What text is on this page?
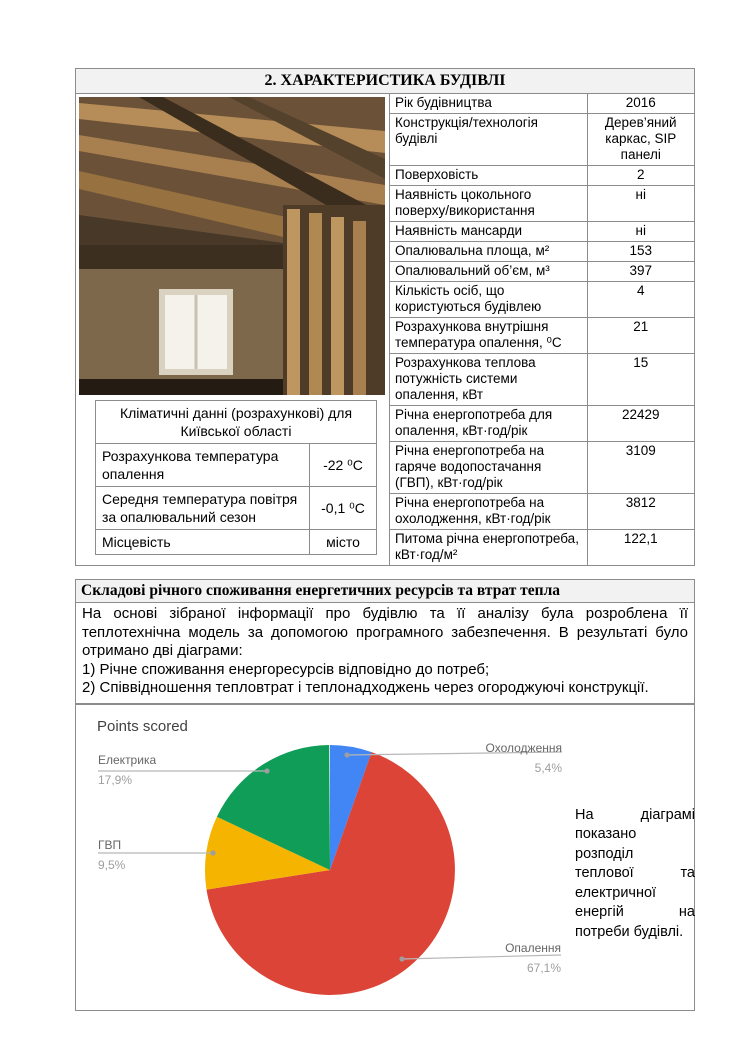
2. ХАРАКТЕРИСТИКА БУДІВЛІ
Кліматичні данні (розрахункові) для Київської області	
Розрахункова температура опалення	-22 ⁰C
Середня температура повітря за опалювальний сезон	-0,1 ⁰C
Місцевість	місто
Рік будівництва	2016
Конструкція/технологія будівлі	Дерев’яний каркас, SIP панелі
Поверховість	2
Наявність цокольного поверху/використання	ні
Наявність мансарди	ні
Опалювальна площа, м²	153
Опалювальний об’єм, м³	397
Кількість осіб, що користуються будівлею	4
Розрахункова внутрішня температура опалення, ⁰С	21
Розрахункова теплова потужність системи опалення, кВт	15
Річна енергопотреба для опалення, кВт·год/рік	22429
Річна енергопотреба на гаряче водопостачання (ГВП), кВт·год/рік	3109
Річна енергопотреба на охолодження, кВт·год/рік	3812
Питома річна енергопотреба, кВт·год/м²	122,1
Складові річного споживання енергетичних ресурсів та втрат тепла

На основі зібраної інформації про будівлю та її аналізу була розроблена її теплотехнічна модель за допомогою програмного забезпечення. В результаті було отримано дві діаграми:

1) Річне споживання енергоресурсів відповідно до потреб;

2) Співвідношення тепловтрат і теплонадходжень через огороджуючі конструкції.

Points scored
Охолодження
5,4%
Опалення
67,1%
ГВП
9,5%
Електрика
17,9%
На діаграмі показано розподіл теплової та електричної енергій на потреби будівлі.
